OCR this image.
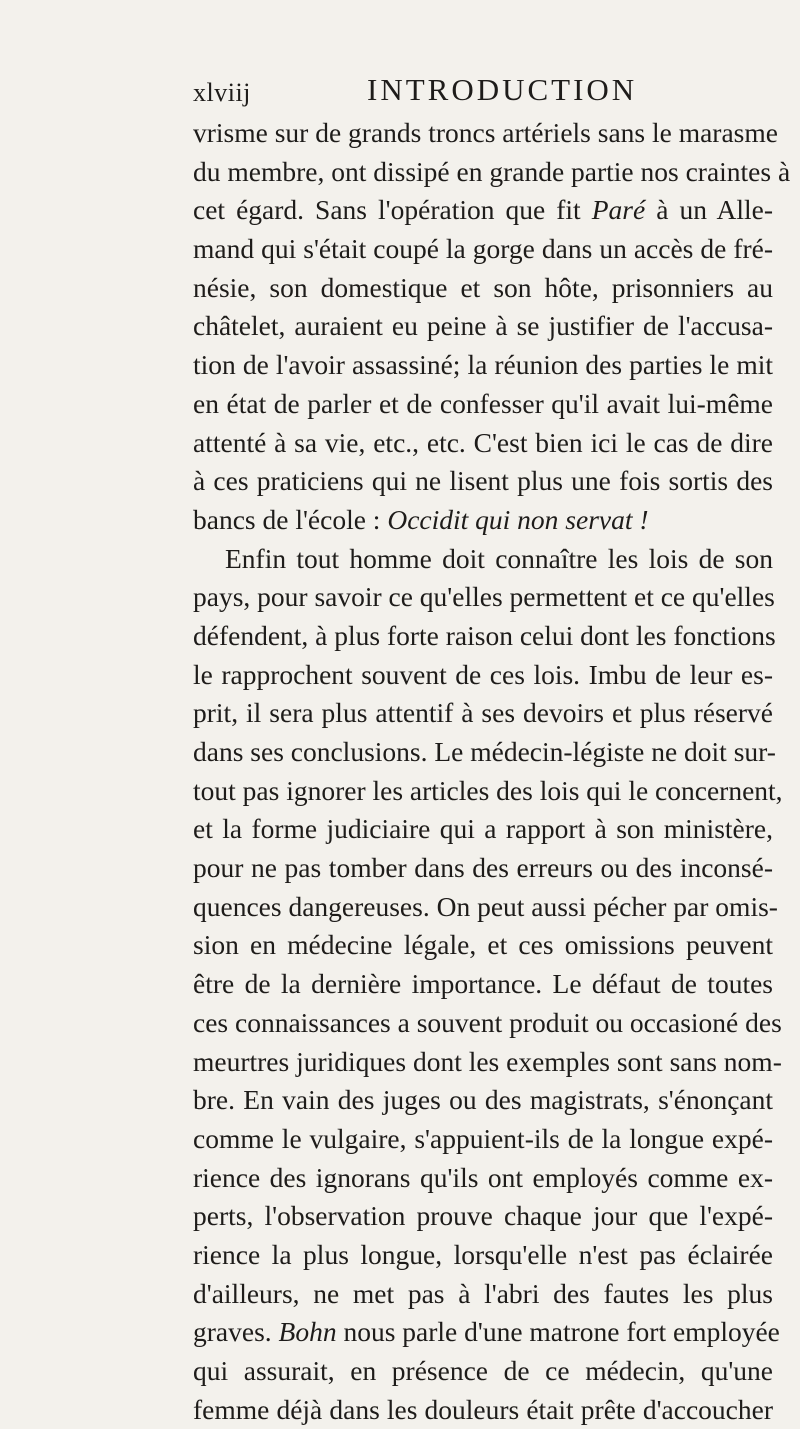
xlviij	INTRODUCTION
vrisme sur de grands troncs artériels sans le marasme
du membre, ont dissipé en grande partie nos craintes à
cet égard. Sans l'opération que fit Paré à un Alle-
mand qui s'était coupé la gorge dans un accès de fré-
nésie, son domestique et son hôte, prisonniers au
châtelet, auraient eu peine à se justifier de l'accusa-
tion de l'avoir assassiné; la réunion des parties le mit
en état de parler et de confesser qu'il avait lui-même
attenté à sa vie, etc., etc. C'est bien ici le cas de dire
à ces praticiens qui ne lisent plus une fois sortis des
bancs de l'école : Occidit qui non servat !
Enfin tout homme doit connaître les lois de son
pays, pour savoir ce qu'elles permettent et ce qu'elles
défendent, à plus forte raison celui dont les fonctions
le rapprochent souvent de ces lois. Imbu de leur es-
prit, il sera plus attentif à ses devoirs et plus réservé
dans ses conclusions. Le médecin-légiste ne doit sur-
tout pas ignorer les articles des lois qui le concernent,
et la forme judiciaire qui a rapport à son ministère,
pour ne pas tomber dans des erreurs ou des inconsé-
quences dangereuses. On peut aussi pécher par omis-
sion en médecine légale, et ces omissions peuvent
être de la dernière importance. Le défaut de toutes
ces connaissances a souvent produit ou occasioné des
meurtres juridiques dont les exemples sont sans nom-
bre. En vain des juges ou des magistrats, s'énonçant
comme le vulgaire, s'appuient-ils de la longue expé-
rience des ignorans qu'ils ont employés comme ex-
perts, l'observation prouve chaque jour que l'expé-
rience la plus longue, lorsqu'elle n'est pas éclairée
d'ailleurs, ne met pas à l'abri des fautes les plus
graves. Bohn nous parle d'une matrone fort employée
qui assurait, en présence de ce médecin, qu'une
femme déjà dans les douleurs était prête d'accoucher
